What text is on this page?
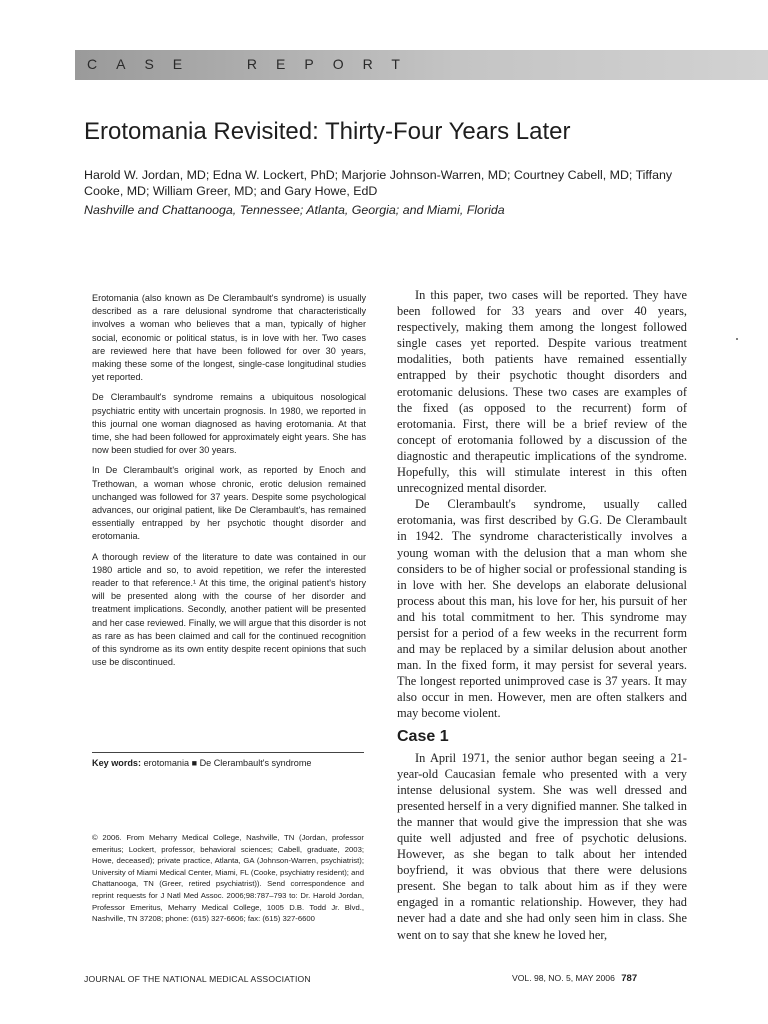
CASE  REPORT
Erotomania Revisited: Thirty-Four Years Later

Harold W. Jordan, MD; Edna W. Lockert, PhD; Marjorie Johnson-Warren, MD; Courtney Cabell, MD; Tiffany Cooke, MD; William Greer, MD; and Gary Howe, EdD

Nashville and Chattanooga, Tennessee; Atlanta, Georgia; and Miami, Florida

Erotomania (also known as De Clerambault's syndrome) is usually described as a rare delusional syndrome that characteristically involves a woman who believes that a man, typically of higher social, economic or political status, is in love with her. Two cases are reviewed here that have been followed for over 30 years, making these some of the longest, single-case longitudinal studies yet reported.

De Clerambault's syndrome remains a ubiquitous nosological psychiatric entity with uncertain prognosis. In 1980, we reported in this journal one woman diagnosed as having erotomania. At that time, she had been followed for approximately eight years. She has now been studied for over 30 years.

In De Clerambault's original work, as reported by Enoch and Trethowan, a woman whose chronic, erotic delusion remained unchanged was followed for 37 years. Despite some psychological advances, our original patient, like De Clerambault's, has remained essentially entrapped by her psychotic thought disorder and erotomania.

A thorough review of the literature to date was contained in our 1980 article and so, to avoid repetition, we refer the interested reader to that reference.¹ At this time, the original patient's history will be presented along with the course of her disorder and treatment implications. Secondly, another patient will be presented and her case reviewed. Finally, we will argue that this disorder is not as rare as has been claimed and call for the continued recognition of this syndrome as its own entity despite recent opinions that such use be discontinued.

Key words: erotomania ■ De Clerambault's syndrome

© 2006. From Meharry Medical College, Nashville, TN (Jordan, professor emeritus; Lockert, professor, behavioral sciences; Cabell, graduate, 2003; Howe, deceased); private practice, Atlanta, GA (Johnson-Warren, psychiatrist); University of Miami Medical Center, Miami, FL (Cooke, psychiatry resident); and Chattanooga, TN (Greer, retired psychiatrist)). Send correspondence and reprint requests for J Natl Med Assoc. 2006;98:787–793 to: Dr. Harold Jordan, Professor Emeritus, Meharry Medical College, 1005 D.B. Todd Jr. Blvd., Nashville, TN 37208; phone: (615) 327-6606; fax: (615) 327-6600

In this paper, two cases will be reported. They have been followed for 33 years and over 40 years, respectively, making them among the longest followed single cases yet reported. Despite various treatment modalities, both patients have remained essentially entrapped by their psychotic thought disorders and erotomanic delusions. These two cases are examples of the fixed (as opposed to the recurrent) form of erotomania. First, there will be a brief review of the concept of erotomania followed by a discussion of the diagnostic and therapeutic implications of the syndrome. Hopefully, this will stimulate interest in this often unrecognized mental disorder.

De Clerambault's syndrome, usually called erotomania, was first described by G.G. De Clerambault in 1942. The syndrome characteristically involves a young woman with the delusion that a man whom she considers to be of higher social or professional standing is in love with her. She develops an elaborate delusional process about this man, his love for her, his pursuit of her and his total commitment to her. This syndrome may persist for a period of a few weeks in the recurrent form and may be replaced by a similar delusion about another man. In the fixed form, it may persist for several years. The longest reported unimproved case is 37 years. It may also occur in men. However, men are often stalkers and may become violent.

Case 1

In April 1971, the senior author began seeing a 21-year-old Caucasian female who presented with a very intense delusional system. She was well dressed and presented herself in a very dignified manner. She talked in the manner that would give the impression that she was quite well adjusted and free of psychotic delusions. However, as she began to talk about her intended boyfriend, it was obvious that there were delusions present. She began to talk about him as if they were engaged in a romantic relationship. However, they had never had a date and she had only seen him in class. She went on to say that she knew he loved her,

JOURNAL OF THE NATIONAL MEDICAL ASSOCIATION	VOL. 98, NO. 5, MAY 2006 787
